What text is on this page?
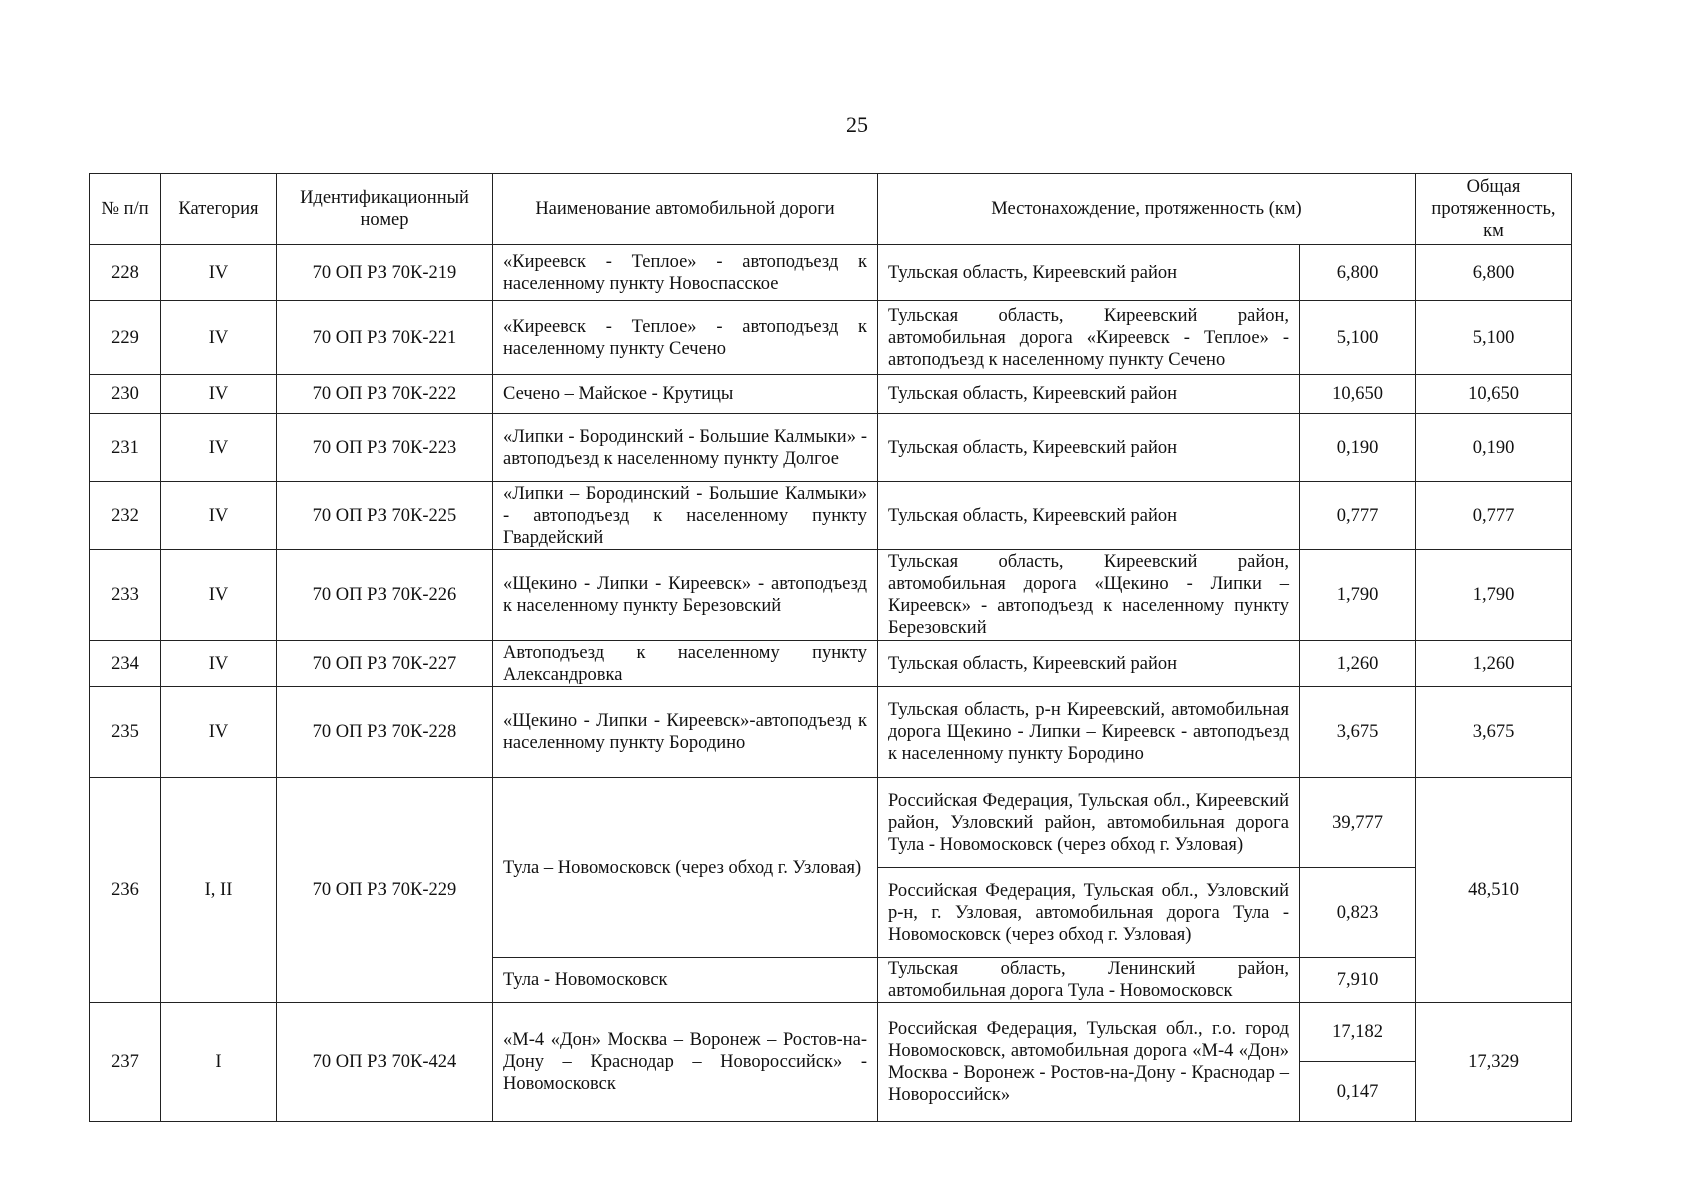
25
№ п/п	Категория	Идентификационный номер	Наименование автомобильной дороги	Местонахождение, протяженность (км)		Общая протяженность, км
228	IV	70 ОП РЗ 70К-219	«Киреевск - Теплое» - автоподъезд к населенному пункту Новоспасское	Тульская область, Киреевский район	6,800	6,800
229	IV	70 ОП РЗ 70К-221	«Киреевск - Теплое» - автоподъезд к населенному пункту Сечено	Тульская область, Киреевский район, автомобильная дорога «Киреевск - Теплое» - автоподъезд к населенному пункту Сечено	5,100	5,100
230	IV	70 ОП РЗ 70К-222	Сечено – Майское - Крутицы	Тульская область, Киреевский район	10,650	10,650
231	IV	70 ОП РЗ 70К-223	«Липки - Бородинский - Большие Калмыки» - автоподъезд к населенному пункту Долгое	Тульская область, Киреевский район	0,190	0,190
232	IV	70 ОП РЗ 70К-225	«Липки – Бородинский - Большие Калмыки» - автоподъезд к населенному пункту Гвардейский	Тульская область, Киреевский район	0,777	0,777
233	IV	70 ОП РЗ 70К-226	«Щекино - Липки - Киреевск» - автоподъезд к населенному пункту Березовский	Тульская область, Киреевский район, автомобильная дорога «Щекино - Липки – Киреевск» - автоподъезд к населенному пункту Березовский	1,790	1,790
234	IV	70 ОП РЗ 70К-227	Автоподъезд к населенному пункту Александровка	Тульская область, Киреевский район	1,260	1,260
235	IV	70 ОП РЗ 70К-228	«Щекино - Липки - Киреевск»-автоподъезд к населенному пункту Бородино	Тульская область, р-н Киреевский, автомобильная дорога Щекино - Липки – Киреевск - автоподъезд к населенному пункту Бородино	3,675	3,675
236	I, II	70 ОП РЗ 70К-229	Тула – Новомосковск (через обход г. Узловая)	Российская Федерация, Тульская обл., Киреевский район, Узловский район, автомобильная дорога Тула - Новомосковск (через обход г. Узловая)	39,777	48,510
				Российская Федерация, Тульская обл., Узловский р-н, г. Узловая, автомобильная дорога Тула - Новомосковск (через обход г. Узловая)	0,823	
			Тула - Новомосковск	Тульская область, Ленинский район, автомобильная дорога Тула - Новомосковск	7,910	
237	I	70 ОП РЗ 70К-424	«М-4 «Дон» Москва – Воронеж – Ростов-на-Дону – Краснодар – Новороссийск» - Новомосковск	Российская Федерация, Тульская обл., г.о. город Новомосковск, автомобильная дорога «М-4 «Дон» Москва - Воронеж - Ростов-на-Дону - Краснодар – Новороссийск»	17,182	17,329
					0,147	
